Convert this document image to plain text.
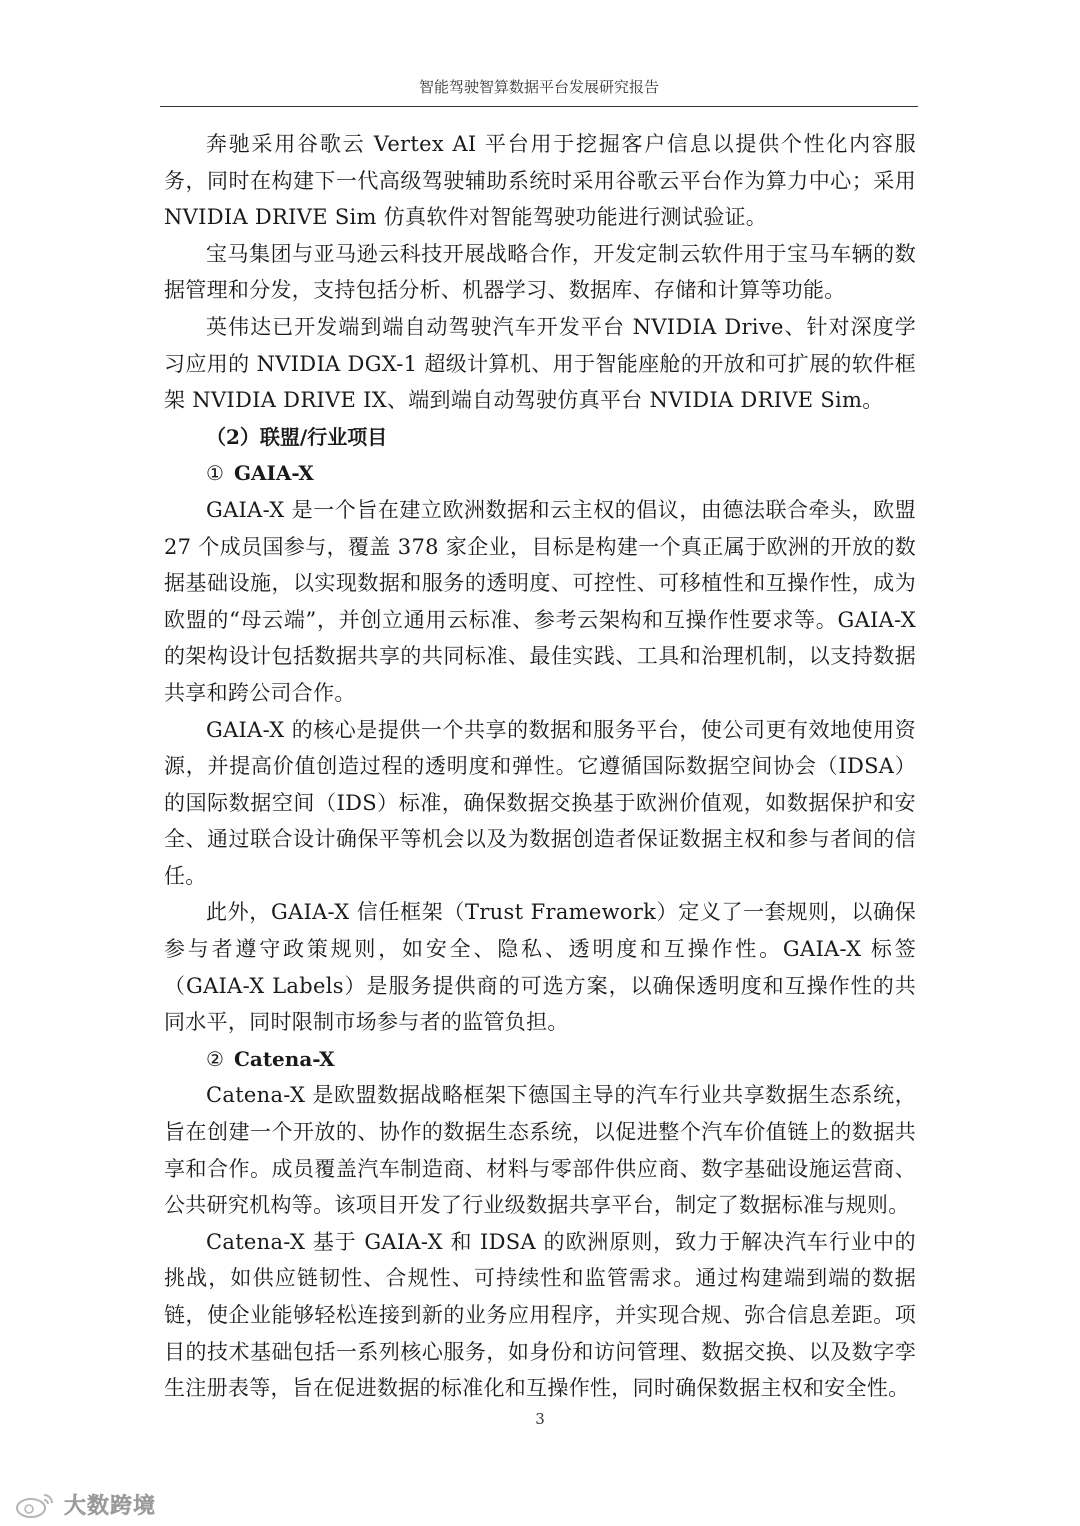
智能驾驶智算数据平台发展研究报告

奔驰采用谷歌云 Vertex AI 平台用于挖掘客户信息以提供个性化内容服务，同时在构建下一代高级驾驶辅助系统时采用谷歌云平台作为算力中心；采用 NVIDIA DRIVE Sim 仿真软件对智能驾驶功能进行测试验证。

宝马集团与亚马逊云科技开展战略合作，开发定制云软件用于宝马车辆的数据管理和分发，支持包括分析、机器学习、数据库、存储和计算等功能。

英伟达已开发端到端自动驾驶汽车开发平台 NVIDIA Drive、针对深度学习应用的 NVIDIA DGX-1 超级计算机、用于智能座舱的开放和可扩展的软件框架 NVIDIA DRIVE IX、端到端自动驾驶仿真平台 NVIDIA DRIVE Sim。

（2）联盟/行业项目

① GAIA-X

GAIA-X 是一个旨在建立欧洲数据和云主权的倡议，由德法联合牵头，欧盟 27 个成员国参与，覆盖 378 家企业，目标是构建一个真正属于欧洲的开放的数据基础设施，以实现数据和服务的透明度、可控性、可移植性和互操作性，成为欧盟的“母云端”，并创立通用云标准、参考云架构和互操作性要求等。GAIA-X 的架构设计包括数据共享的共同标准、最佳实践、工具和治理机制，以支持数据共享和跨公司合作。

GAIA-X 的核心是提供一个共享的数据和服务平台，使公司更有效地使用资源，并提高价值创造过程的透明度和弹性。它遵循国际数据空间协会（IDSA）的国际数据空间（IDS）标准，确保数据交换基于欧洲价值观，如数据保护和安全、通过联合设计确保平等机会以及为数据创造者保证数据主权和参与者间的信任。

此外，GAIA-X 信任框架（Trust Framework）定义了一套规则，以确保参与者遵守政策规则，如安全、隐私、透明度和互操作性。GAIA-X 标签（GAIA-X Labels）是服务提供商的可选方案，以确保透明度和互操作性的共同水平，同时限制市场参与者的监管负担。

② Catena-X

Catena-X 是欧盟数据战略框架下德国主导的汽车行业共享数据生态系统，旨在创建一个开放的、协作的数据生态系统，以促进整个汽车价值链上的数据共享和合作。成员覆盖汽车制造商、材料与零部件供应商、数字基础设施运营商、公共研究机构等。该项目开发了行业级数据共享平台，制定了数据标准与规则。

Catena-X 基于 GAIA-X 和 IDSA 的欧洲原则，致力于解决汽车行业中的挑战，如供应链韧性、合规性、可持续性和监管需求。通过构建端到端的数据链，使企业能够轻松连接到新的业务应用程序，并实现合规、弥合信息差距。项目的技术基础包括一系列核心服务，如身份和访问管理、数据交换、以及数字孪生注册表等，旨在促进数据的标准化和互操作性，同时确保数据主权和安全性。

3
大数跨境
